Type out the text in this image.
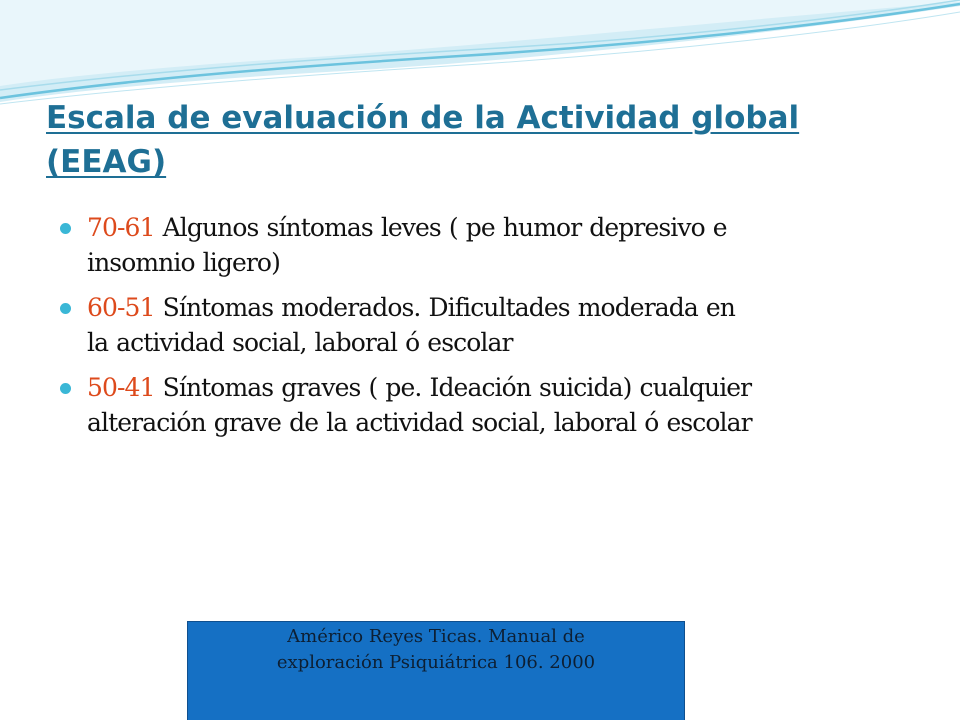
Escala de evaluación de la Actividad global
(EEAG)
70-61 Algunos síntomas leves ( pe humor depresivo e
insomnio ligero)
60-51 Síntomas moderados. Dificultades moderada en
la actividad social, laboral ó escolar
50-41 Síntomas graves ( pe. Ideación suicida) cualquier
alteración grave de la actividad social, laboral ó escolar
Américo Reyes Ticas. Manual de
exploración Psiquiátrica 106. 2000
